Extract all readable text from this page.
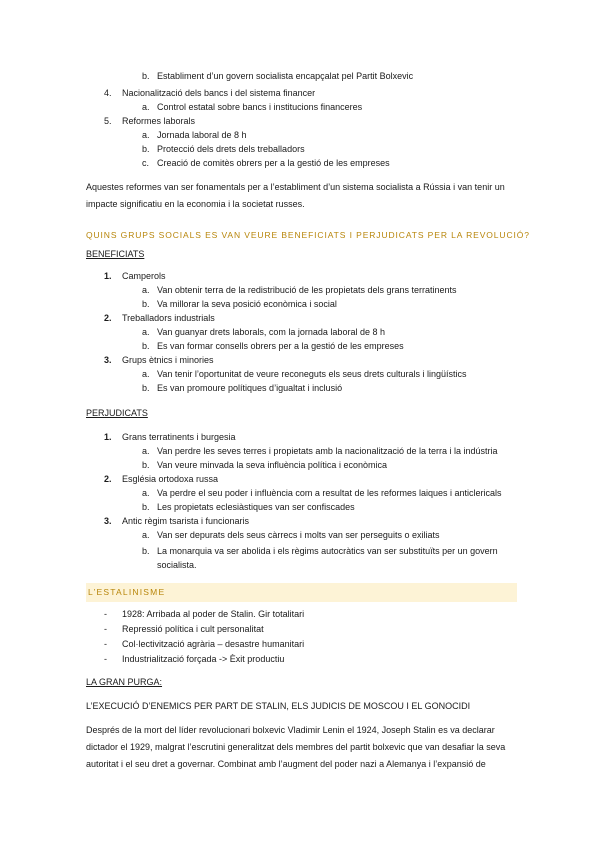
b. Establiment d’un govern socialista encapçalat pel Partit Bolxevic
4. Nacionalització dels bancs i del sistema financer
a. Control estatal sobre bancs i institucions financeres
5. Reformes laborals
a. Jornada laboral de 8 h
b. Protecció dels drets dels treballadors
c. Creació de comitès obrers per a la gestió de les empreses
Aquestes reformes van ser fonamentals per a l’establiment d’un sistema socialista a Rússia i van tenir un
impacte significatiu en la economia i la societat russes.
QUINS GRUPS SOCIALS ES VAN VEURE BENEFICIATS I PERJUDICATS PER LA REVOLUCIÓ?
BENEFICIATS
1. Camperols
a. Van obtenir terra de la redistribució de les propietats dels grans terratinents
b. Va millorar la seva posició econòmica i social
2. Treballadors industrials
a. Van guanyar drets laborals, com la jornada laboral de 8 h
b. Es van formar consells obrers per a la gestió de les empreses
3. Grups ètnics i minories
a. Van tenir l’oportunitat de veure reconeguts els seus drets culturals i lingüístics
b. Es van promoure polítiques d’igualtat i inclusió
PERJUDICATS
1. Grans terratinents i burgesia
a. Van perdre les seves terres i propietats amb la nacionalització de la terra i la indústria
b. Van veure minvada la seva influència política i econòmica
2. Església ortodoxa russa
a. Va perdre el seu poder i influència com a resultat de les reformes laiques i anticlericals
b. Les propietats eclesiàstiques van ser confiscades
3. Antic règim tsarista i funcionaris
a. Van ser depurats dels seus càrrecs i molts van ser perseguits o exiliats
b. La monarquia va ser abolida i els règims autocràtics van ser substituïts per un govern
socialista.
L’ESTALINISME
- 1928: Arribada al poder de Stalin. Gir totalitari
- Repressió política i cult personalitat
- Col·lectivització agrària – desastre humanitari
- Industrialització forçada -> Èxit productiu
LA GRAN PURGA:
L’EXECUCIÓ D’ENEMICS PER PART DE STALIN, ELS JUDICIS DE MOSCOU I EL GONOCIDI
Després de la mort del líder revolucionari bolxevic Vladimir Lenin el 1924, Joseph Stalin es va declarar
dictador el 1929, malgrat l’escrutini generalitzat dels membres del partit bolxevic que van desafiar la seva
autoritat i el seu dret a governar. Combinat amb l’augment del poder nazi a Alemanya i l’expansió de
